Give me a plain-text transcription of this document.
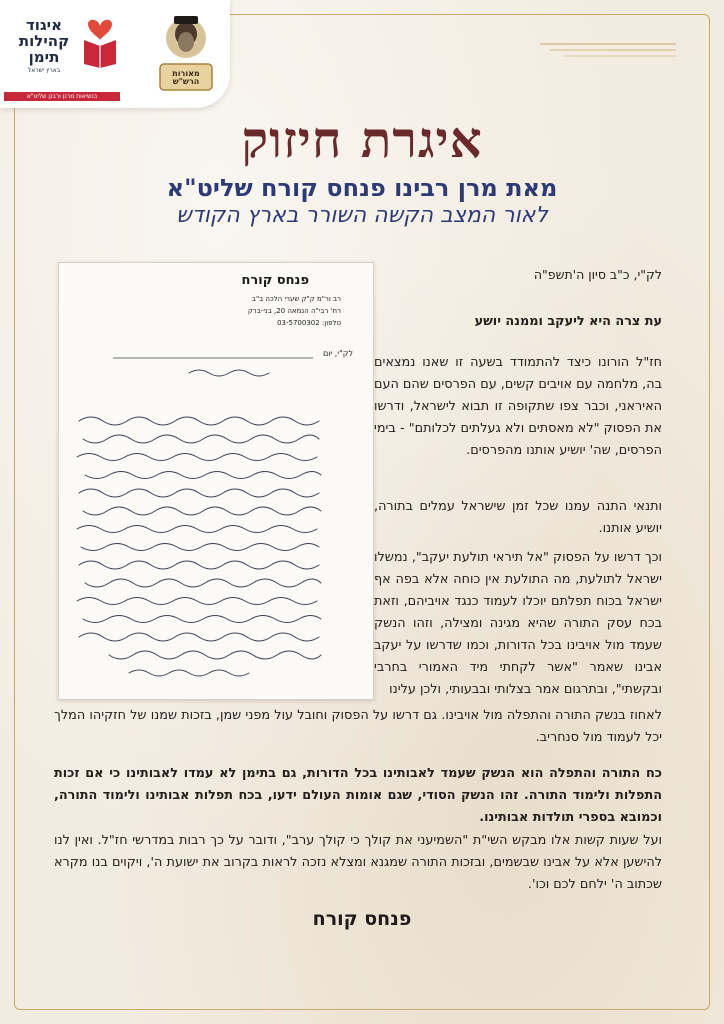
איגוד
קהילות
תימן
בארץ ישראל
בנשיאות מרנן ורבנן שליט"א
מאורות הרש"ש
איגרת חיזוק
מאת מרן רבינו פנחס קורח שליט"א
לאור המצב הקשה השורר בארץ הקודש
פנחס קורח
רב ור"מ ק"ק שערי הלכה ב"ב
רח' רבי"ה הנמאה 20, בני-ברק
טלפון: 03-5700302
לק"י, יום
לק"י, כ"ב סיון ה'תשפ"ה
עת צרה היא ליעקב וממנה יושע
חז"ל הורונו כיצד להתמודד בשעה זו שאנו נמצאים בה, מלחמה עם אויבים קשים, עם הפרסים שהם העם האיראני, וכבר צפו שתקופה זו תבוא לישראל, ודרשו את הפסוק "לא מאסתים ולא געלתים לכלותם" - בימי הפרסים, שה' יושיע אותנו מהפרסים.
ותנאי התנה עמנו שכל זמן שישראל עמלים בתורה, יושיע אותנו.
וכך דרשו על הפסוק "אל תיראי תולעת יעקב", נמשלו ישראל לתולעת, מה התולעת אין כוחה אלא בפה אף ישראל בכוח תפלתם יוכלו לעמוד כנגד אויביהם, וזאת בכח עסק התורה שהיא מגינה ומצילה, וזהו הנשק שעמד מול אויבינו בכל הדורות, וכמו שדרשו על יעקב אבינו שאמר "אשר לקחתי מיד האמורי בחרבי ובקשתי", ובתרגום אמר בצלותי ובבעותי, ולכן עלינו
לאחוז בנשק התורה והתפלה מול אויבינו. גם דרשו על הפסוק וחובל עול מפני שמן, בזכות שמנו של חזקיהו המלך יכל לעמוד מול סנחריב.
כח התורה והתפלה הוא הנשק שעמד לאבותינו בכל הדורות, גם בתימן לא עמדו לאבותינו כי אם זכות התפלות ולימוד התורה. זהו הנשק הסודי, שגם אומות העולם ידעו, בכח תפלות אבותינו ולימוד התורה, וכמובא בספרי תולדות אבותינו.
ועל שעות קשות אלו מבקש השי"ת "השמיעני את קולך כי קולך ערב", ודובר על כך רבות במדרשי חז"ל. ואין לנו להישען אלא על אבינו שבשמים, ובזכות התורה שמגנא ומצלא נזכה לראות בקרוב את ישועת ה', ויקוים בנו מקרא שכתוב ה' ילחם לכם וכו'.
פנחס קורח
